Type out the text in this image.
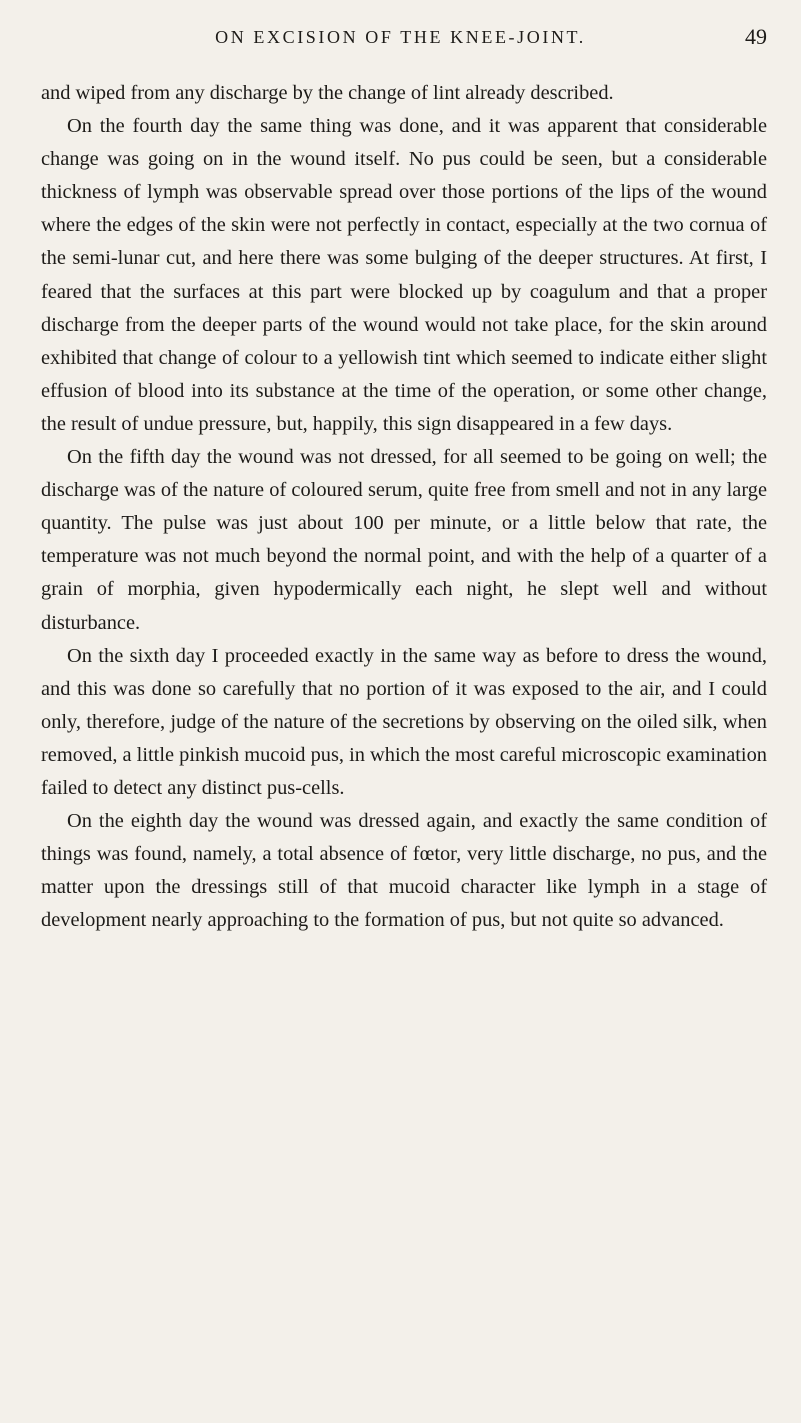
ON EXCISION OF THE KNEE-JOINT.	49

and wiped from any discharge by the change of lint already described.

On the fourth day the same thing was done, and it was apparent that considerable change was going on in the wound itself. No pus could be seen, but a considerable thickness of lymph was observable spread over those portions of the lips of the wound where the edges of the skin were not perfectly in contact, especially at the two cornua of the semi-lunar cut, and here there was some bulging of the deeper structures. At first, I feared that the surfaces at this part were blocked up by coagulum and that a proper discharge from the deeper parts of the wound would not take place, for the skin around exhibited that change of colour to a yellowish tint which seemed to indicate either slight effusion of blood into its substance at the time of the operation, or some other change, the result of undue pressure, but, happily, this sign disappeared in a few days.

On the fifth day the wound was not dressed, for all seemed to be going on well; the discharge was of the nature of coloured serum, quite free from smell and not in any large quantity. The pulse was just about 100 per minute, or a little below that rate, the temperature was not much beyond the normal point, and with the help of a quarter of a grain of morphia, given hypodermically each night, he slept well and without disturbance.

On the sixth day I proceeded exactly in the same way as before to dress the wound, and this was done so carefully that no portion of it was exposed to the air, and I could only, therefore, judge of the nature of the secretions by observing on the oiled silk, when removed, a little pinkish mucoid pus, in which the most careful microscopic examination failed to detect any distinct pus-cells.

On the eighth day the wound was dressed again, and exactly the same condition of things was found, namely, a total absence of fœtor, very little discharge, no pus, and the matter upon the dressings still of that mucoid character like lymph in a stage of development nearly approaching to the formation of pus, but not quite so advanced.
